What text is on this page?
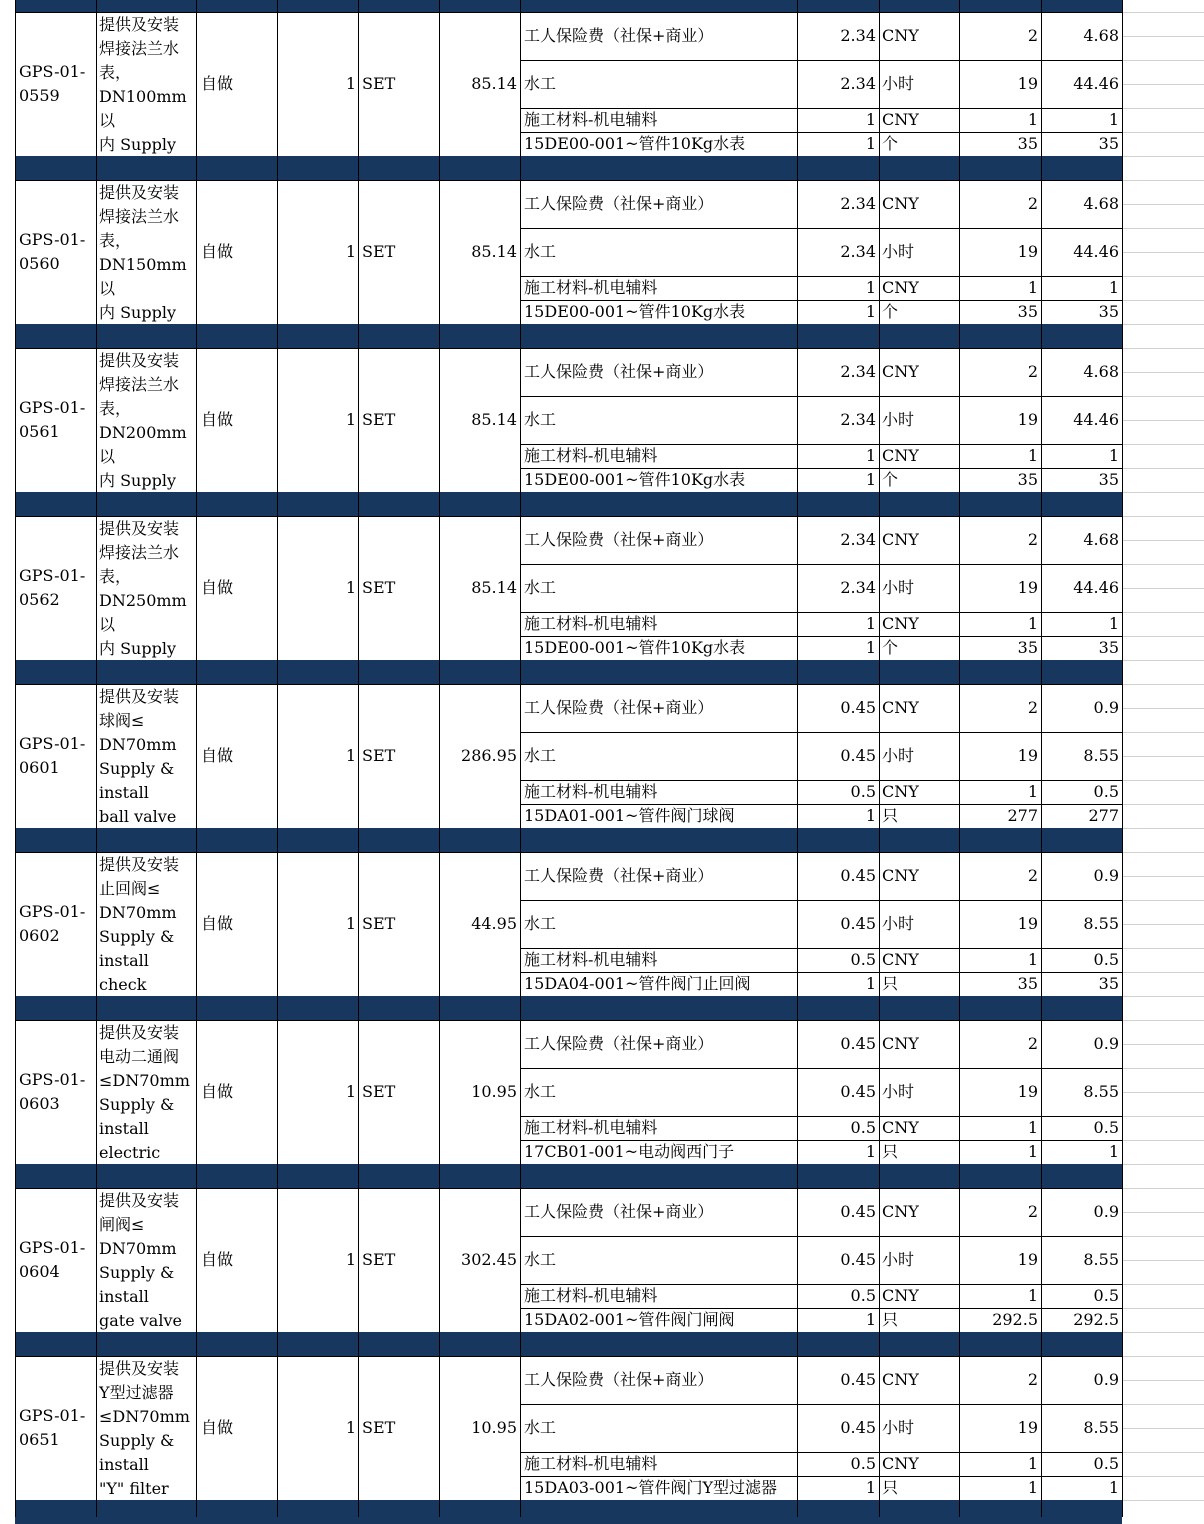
GPS-01-0559
提供及安装
焊接法兰水
表，
DN100mm以
内 Supply

自做	1 SET	85.14
工人保险费（社保+商业）	2.34 CNY	2	4.68
水工	2.34 小时	19	44.46
施工材料-机电辅料	1 CNY	1	1
15DE00-001~管件10Kg水表	1 个	35	35
GPS-01-0560
提供及安装
焊接法兰水
表，
DN150mm以
内 Supply

自做	1 SET	85.14
工人保险费（社保+商业）	2.34 CNY	2	4.68
水工	2.34 小时	19	44.46
施工材料-机电辅料	1 CNY	1	1
15DE00-001~管件10Kg水表	1 个	35	35
GPS-01-0561
提供及安装
焊接法兰水
表，
DN200mm以
内 Supply

自做	1 SET	85.14
工人保险费（社保+商业）	2.34 CNY	2	4.68
水工	2.34 小时	19	44.46
施工材料-机电辅料	1 CNY	1	1
15DE00-001~管件10Kg水表	1 个	35	35
GPS-01-0562
提供及安装
焊接法兰水
表，
DN250mm以
内 Supply

自做	1 SET	85.14
工人保险费（社保+商业）	2.34 CNY	2	4.68
水工	2.34 小时	19	44.46
施工材料-机电辅料	1 CNY	1	1
15DE00-001~管件10Kg水表	1 个	35	35
GPS-01-0601
提供及安装
球阀≤
DN70mm
Supply &
install
ball valve
自做	1 SET	286.95
工人保险费（社保+商业）	0.45 CNY	2	0.9
水工	0.45 小时	19	8.55
施工材料-机电辅料	0.5 CNY	1	0.5
15DA01-001~管件阀门球阀	1 只	277	277
GPS-01-0602
提供及安装
止回阀≤
DN70mm
Supply &
install
check
自做	1 SET	44.95
工人保险费（社保+商业）	0.45 CNY	2	0.9
水工	0.45 小时	19	8.55
施工材料-机电辅料	0.5 CNY	1	0.5
15DA04-001~管件阀门止回阀	1 只	35	35
GPS-01-0603
提供及安装
电动二通阀
≤DN70mm
Supply &
install
electric
自做	1 SET	10.95
工人保险费（社保+商业）	0.45 CNY	2	0.9
水工	0.45 小时	19	8.55
施工材料-机电辅料	0.5 CNY	1	0.5
17CB01-001~电动阀西门子	1 只	1	1
GPS-01-0604
提供及安装
闸阀≤
DN70mm
Supply &
install
gate valve
自做	1 SET	302.45
工人保险费（社保+商业）	0.45 CNY	2	0.9
水工	0.45 小时	19	8.55
施工材料-机电辅料	0.5 CNY	1	0.5
15DA02-001~管件阀门闸阀	1 只	292.5	292.5
GPS-01-0651
提供及安装
Y型过滤器
≤DN70mm
Supply &
install
"Y" filter
自做	1 SET	10.95
工人保险费（社保+商业）	0.45 CNY	2	0.9
水工	0.45 小时	19	8.55
施工材料-机电辅料	0.5 CNY	1	0.5
15DA03-001~管件阀门Y型过滤器	1 只	1	1
